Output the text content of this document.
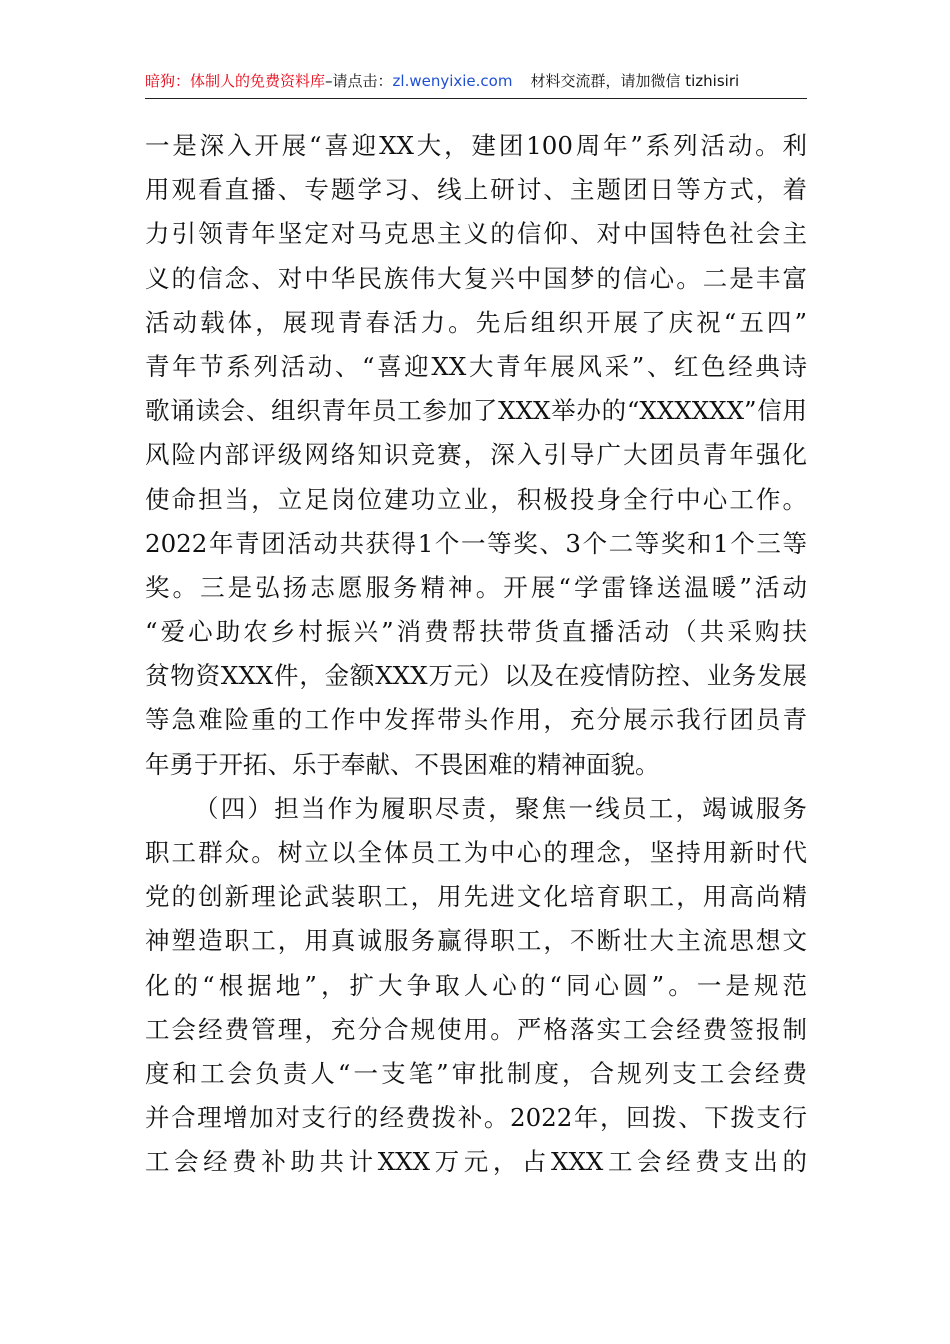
暗狗：体制人的免费资料库–请点击：zl.wenyixie.com 材料交流群，请加微信 tizhisiri
一是深入开展“喜迎XX大，建团100周年”系列活动。利
用观看直播、专题学习、线上研讨、主题团日等方式，着
力引领青年坚定对马克思主义的信仰、对中国特色社会主
义的信念、对中华民族伟大复兴中国梦的信心。二是丰富
活动载体，展现青春活力。先后组织开展了庆祝“五四”
青年节系列活动、“喜迎XX大青年展风采”、红色经典诗
歌诵读会、组织青年员工参加了XXX举办的“XXXXXX”信用
风险内部评级网络知识竞赛，深入引导广大团员青年强化
使命担当，立足岗位建功立业，积极投身全行中心工作。
2022年青团活动共获得1个一等奖、3个二等奖和1个三等
奖。三是弘扬志愿服务精神。开展“学雷锋送温暖”活动
“爱心助农乡村振兴”消费帮扶带货直播活动（共采购扶
贫物资XXX件，金额XXX万元）以及在疫情防控、业务发展
等急难险重的工作中发挥带头作用，充分展示我行团员青
年勇于开拓、乐于奉献、不畏困难的精神面貌。
（四）担当作为履职尽责，聚焦一线员工，竭诚服务
职工群众。树立以全体员工为中心的理念，坚持用新时代
党的创新理论武装职工，用先进文化培育职工，用高尚精
神塑造职工，用真诚服务赢得职工，不断壮大主流思想文
化的“根据地”，扩大争取人心的“同心圆”。一是规范
工会经费管理，充分合规使用。严格落实工会经费签报制
度和工会负责人“一支笔”审批制度，合规列支工会经费
并合理增加对支行的经费拨补。2022年，回拨、下拨支行
工会经费补助共计XXX万元，占XXX工会经费支出的
